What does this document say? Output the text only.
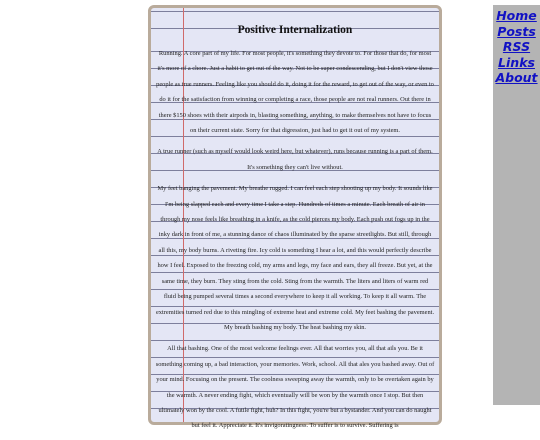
Positive Internalization

Running. A core part of my life. For most people, it's something they devote to. For those that do, for most it's more of a chore. Just a habit to get out of the way. Not to be super condescending, but I don't view those people as true runners. Feeling like you should do it, doing it for the reward, to get out of the way, or even to do it for the satisfaction from winning or completing a race, those people are not real runners. Out there in there $150 shoes with their airpods in, blasting something, anything, to make themselves not have to focus on their current state. Sorry for that digression, just had to get it out of my system.

A true runner (such as myself would look weird here, but whatever), runs because running is a part of them. It's something they can't live without.

My feet banging the pavement. My breathe rugged. I can feel each step shooting up my body. It sounds like I'm being slapped each and every time I take a step. Hundreds of times a minute. Each breath of air in through my nose feels like breathing in a knife, as the cold pierces my body. Each push out fogs up in the inky dark in front of me, a stunning dance of chaos illuminated by the sparse streetlights. But still, through all this, my body burns. A riveting fire. Icy cold is something I hear a lot, and this would perfectly describe how I feel. Exposed to the freezing cold, my arms and legs, my face and ears, they all freeze. But yet, at the same time, they burn. They sting from the cold. Sting from the warmth. The liters and liters of warm red fluid being pumped several times a second everywhere to keep it all working. To keep it all warm. The extremities turned red due to this mingling of extreme heat and extreme cold. My feet bashing the pavement. My breath bashing my body. The heat bashing my skin.

All that bashing. One of the most welcome feelings ever. All that worries you, all that ails you. Be it something coming up, a bad interaction, your memories. Work, school. All that ales you bashed away. Out of your mind. Focusing on the present. The coolness sweeping away the warmth, only to be overtaken again by the warmth. A never ending fight, which eventually will be won by the warmth once I stop. But then ultimately won by the cool. A futile fight, huh? In this fight, you're but a bystander. And you can do naught but feel it. Appreciate it. It's invigoratingness. To suffer is to survive. Suffering is

Home
Posts
RSS
Links
About
